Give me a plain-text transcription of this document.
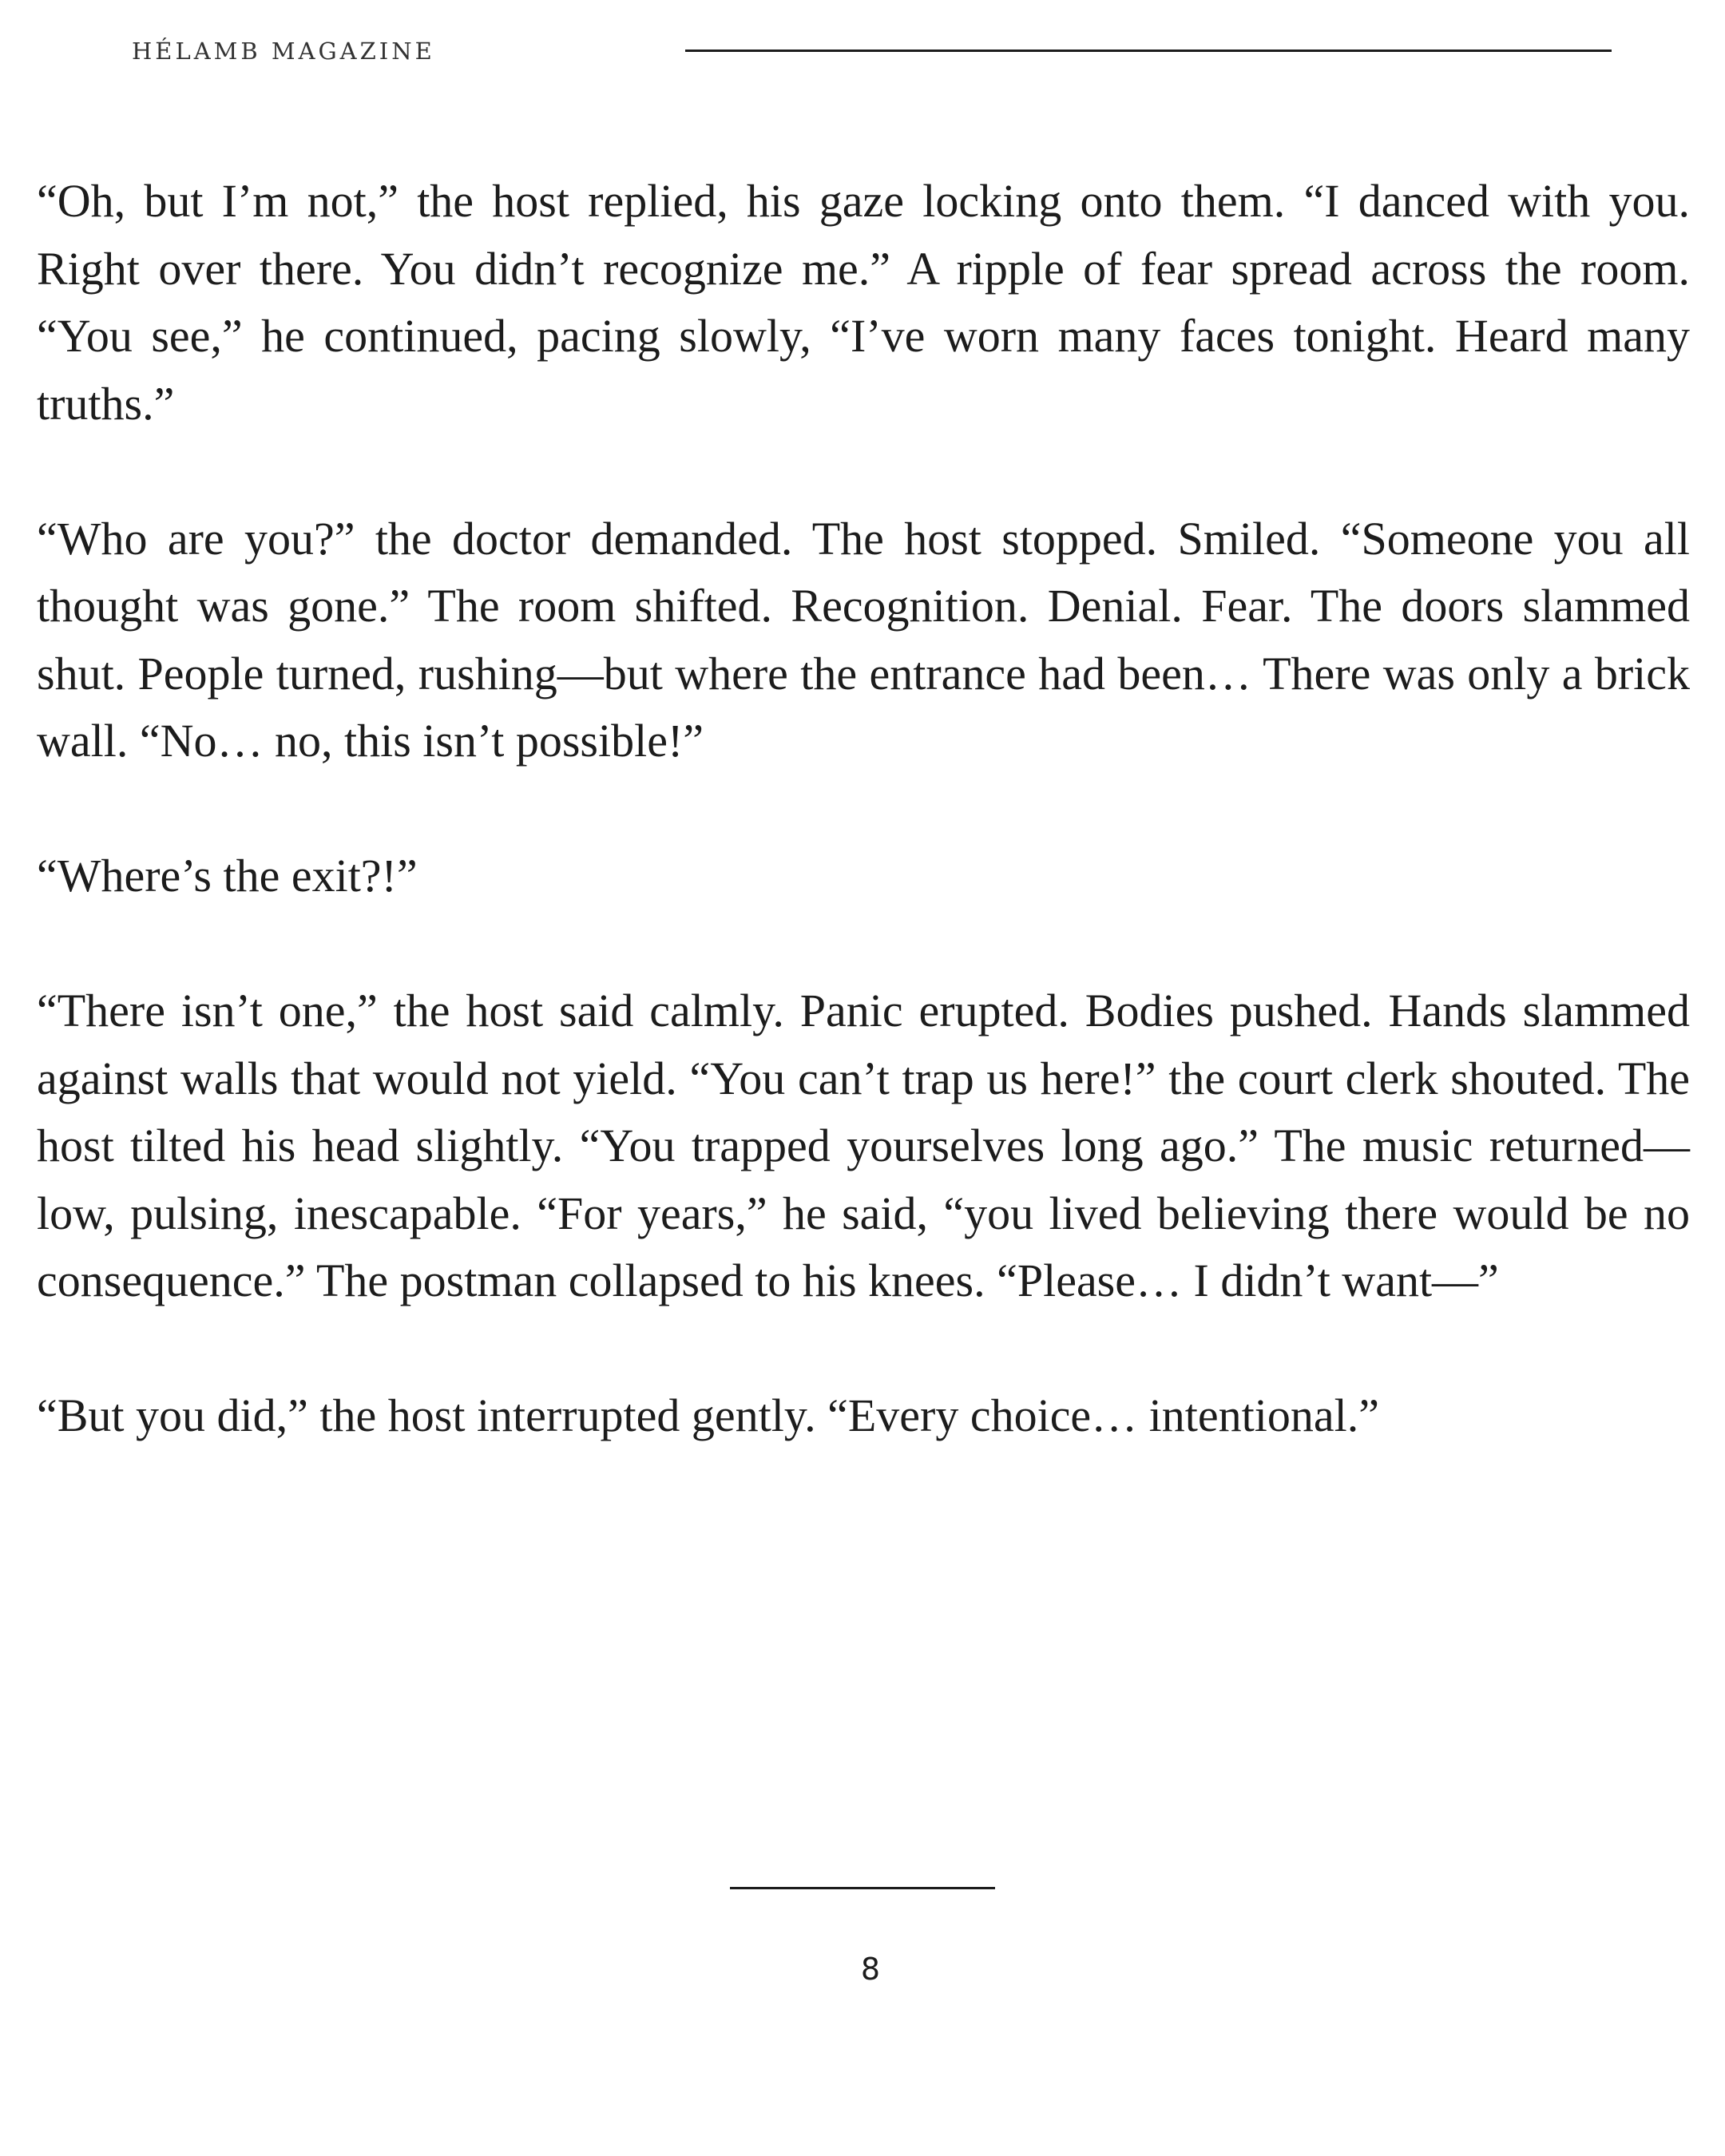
HÉLAMB MAGAZINE

“Oh, but I’m not,” the host replied, his gaze locking onto them. “I danced with you. Right over there. You didn’t recognize me.” A ripple of fear spread across the room. “You see,” he continued, pacing slowly, “I’ve worn many faces tonight. Heard many truths.”

“Who are you?” the doctor demanded. The host stopped. Smiled. “Someone you all thought was gone.” The room shifted. Recognition. Denial. Fear. The doors slammed shut. People turned, rushing—but where the entrance had been… There was only a brick wall. “No… no, this isn’t possible!”

“Where’s the exit?!”

“There isn’t one,” the host said calmly. Panic erupted. Bodies pushed. Hands slammed against walls that would not yield. “You can’t trap us here!” the court clerk shouted. The host tilted his head slightly. “You trapped yourselves long ago.” The music returned—low, pulsing, inescapable. “For years,” he said, “you lived believing there would be no consequence.” The postman collapsed to his knees. “Please… I didn’t want—”

“But you did,” the host interrupted gently. “Every choice… intentional.”

8
